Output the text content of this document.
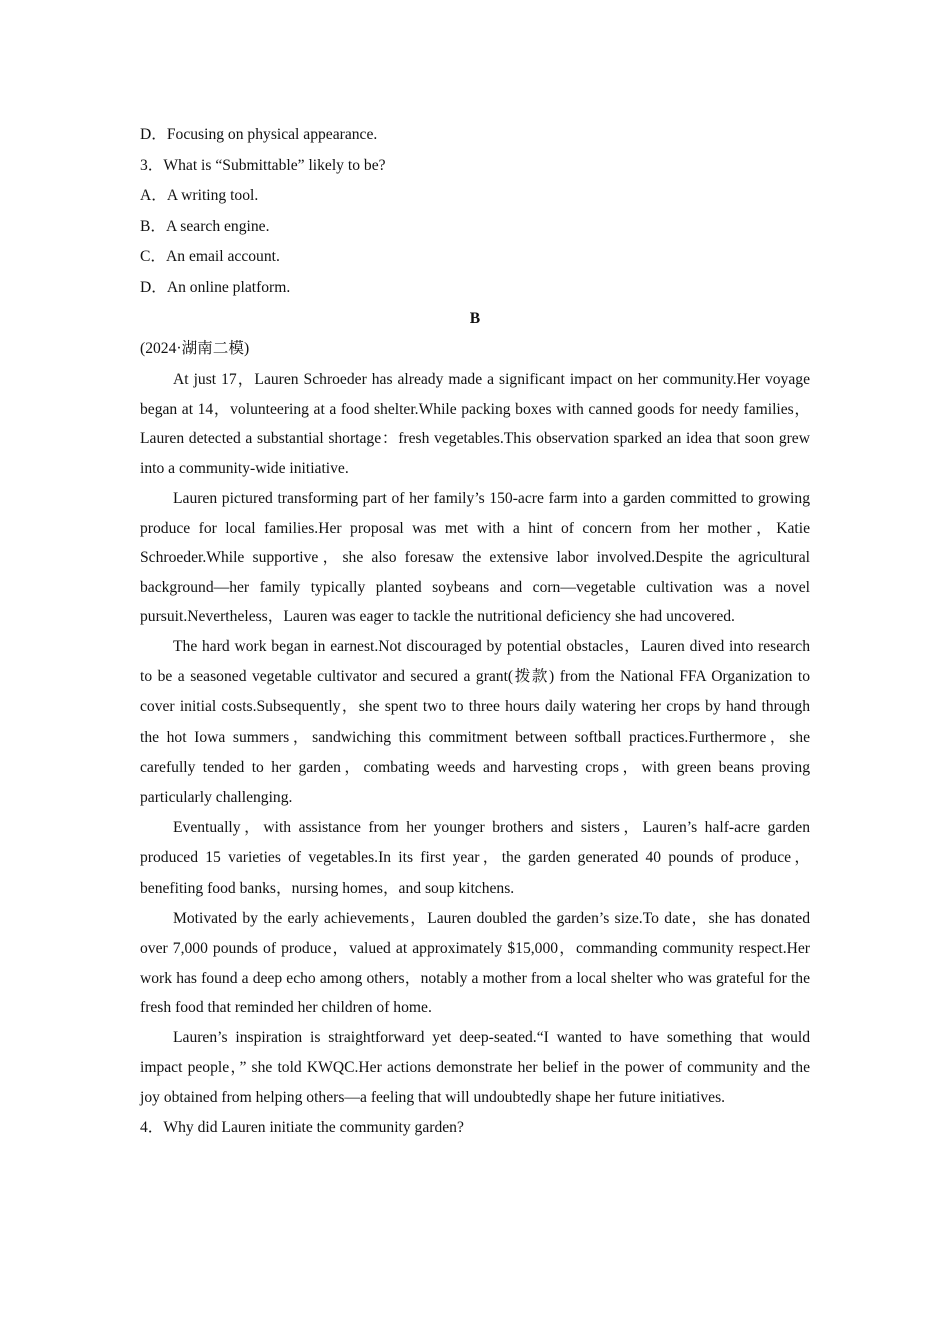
D．Focusing on physical appearance.
3．What is “Submittable” likely to be?
A．A writing tool.
B．A search engine.
C．An email account.
D．An online platform.
B
(2024·湖南二模)

At just 17，Lauren Schroeder has already made a significant impact on her community.Her voyage began at 14，volunteering at a food shelter.While packing boxes with canned goods for needy families，Lauren detected a substantial shortage：fresh vegetables.This observation sparked an idea that soon grew into a community-wide initiative.

Lauren pictured transforming part of her family’s 150-acre farm into a garden committed to growing produce for local families.Her proposal was met with a hint of concern from her mother，Katie Schroeder.While supportive，she also foresaw the extensive labor involved.Despite the agricultural background—her family typically planted soybeans and corn—vegetable cultivation was a novel pursuit.Nevertheless，Lauren was eager to tackle the nutritional deficiency she had uncovered.

The hard work began in earnest.Not discouraged by potential obstacles，Lauren dived into research to be a seasoned vegetable cultivator and secured a grant(拨款) from the National FFA Organization to cover initial costs.Subsequently，she spent two to three hours daily watering her crops by hand through the hot Iowa summers，sandwiching this commitment between softball practices.Furthermore，she carefully tended to her garden，combating weeds and harvesting crops，with green beans proving particularly challenging.

Eventually，with assistance from her younger brothers and sisters，Lauren’s half-acre garden produced 15 varieties of vegetables.In its first year，the garden generated 40 pounds of produce，benefiting food banks，nursing homes，and soup kitchens.

Motivated by the early achievements，Lauren doubled the garden’s size.To date，she has donated over 7,000 pounds of produce，valued at approximately $15,000，commanding community respect.Her work has found a deep echo among others，notably a mother from a local shelter who was grateful for the fresh food that reminded her children of home.

Lauren’s inspiration is straightforward yet deep-seated.“I wanted to have something that would impact people，” she told KWQC.Her actions demonstrate her belief in the power of community and the joy obtained from helping others—a feeling that will undoubtedly shape her future initiatives.

4．Why did Lauren initiate the community garden?
